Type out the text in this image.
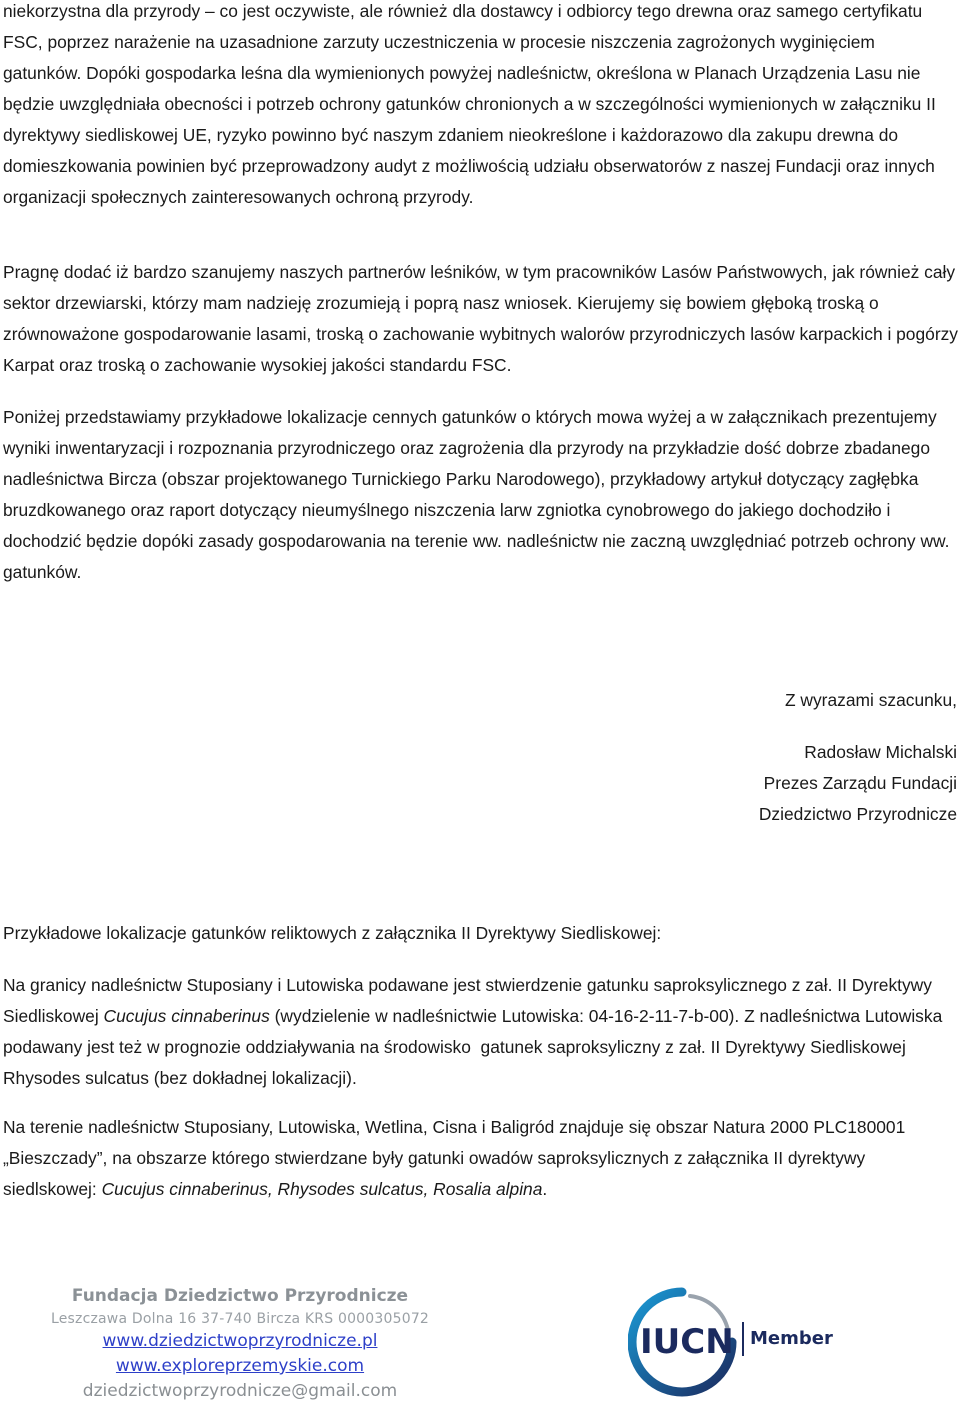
niekorzystna dla przyrody – co jest oczywiste, ale również dla dostawcy i odbiorcy tego drewna oraz samego certyfikatu FSC, poprzez narażenie na uzasadnione zarzuty uczestniczenia w procesie niszczenia zagrożonych wyginięciem gatunków. Dopóki gospodarka leśna dla wymienionych powyżej nadleśnictw, określona w Planach Urządzenia Lasu nie będzie uwzględniała obecności i potrzeb ochrony gatunków chronionych a w szczególności wymienionych w załączniku II dyrektywy siedliskowej UE, ryzyko powinno być naszym zdaniem nieokreślone i każdorazowo dla zakupu drewna do domieszkowania powinien być przeprowadzony audyt z możliwością udziału obserwatorów z naszej Fundacji oraz innych organizacji społecznych zainteresowanych ochroną przyrody.

Pragnę dodać iż bardzo szanujemy naszych partnerów leśników, w tym pracowników Lasów Państwowych, jak również cały sektor drzewiarski, którzy mam nadzieję zrozumieją i poprą nasz wniosek. Kierujemy się bowiem głęboką troską o zrównoważone gospodarowanie lasami, troską o zachowanie wybitnych walorów przyrodniczych lasów karpackich i pogórzy Karpat oraz troską o zachowanie wysokiej jakości standardu FSC.

Poniżej przedstawiamy przykładowe lokalizacje cennych gatunków o których mowa wyżej a w załącznikach prezentujemy wyniki inwentaryzacji i rozpoznania przyrodniczego oraz zagrożenia dla przyrody na przykładzie dość dobrze zbadanego nadleśnictwa Bircza (obszar projektowanego Turnickiego Parku Narodowego), przykładowy artykuł dotyczący zagłębka bruzdkowanego oraz raport dotyczący nieumyślnego niszczenia larw zgniotka cynobrowego do jakiego dochodziło i dochodzić będzie dopóki zasady gospodarowania na terenie ww. nadleśnictw nie zaczną uwzględniać potrzeb ochrony ww. gatunków.

Z wyrazami szacunku,
Radosław Michalski
Prezes Zarządu Fundacji
Dziedzictwo Przyrodnicze

Przykładowe lokalizacje gatunków reliktowych z załącznika II Dyrektywy Siedliskowej:

Na granicy nadleśnictw Stuposiany i Lutowiska podawane jest stwierdzenie gatunku saproksylicznego z zał. II Dyrektywy Siedliskowej Cucujus cinnaberinus (wydzielenie w nadleśnictwie Lutowiska: 04-16-2-11-7-b-00). Z nadleśnictwa Lutowiska podawany jest też w prognozie oddziaływania na środowisko  gatunek saproksyliczny z zał. II Dyrektywy Siedliskowej Rhysodes sulcatus (bez dokładnej lokalizacji).

Na terenie nadleśnictw Stuposiany, Lutowiska, Wetlina, Cisna i Baligród znajduje się obszar Natura 2000 PLC180001 „Bieszczady”, na obszarze którego stwierdzane były gatunki owadów saproksylicznych z załącznika II dyrektywy siedlskowej: Cucujus cinnaberinus, Rhysodes sulcatus, Rosalia alpina.

Fundacja Dziedzictwo Przyrodnicze
Leszczawa Dolna 16 37-740 Bircza KRS 0000305072
www.dziedzictwoprzyrodnicze.pl
www.exploreprzemyskie.com
dziedzictwoprzyrodnicze@gmail.com
IUCN Member
